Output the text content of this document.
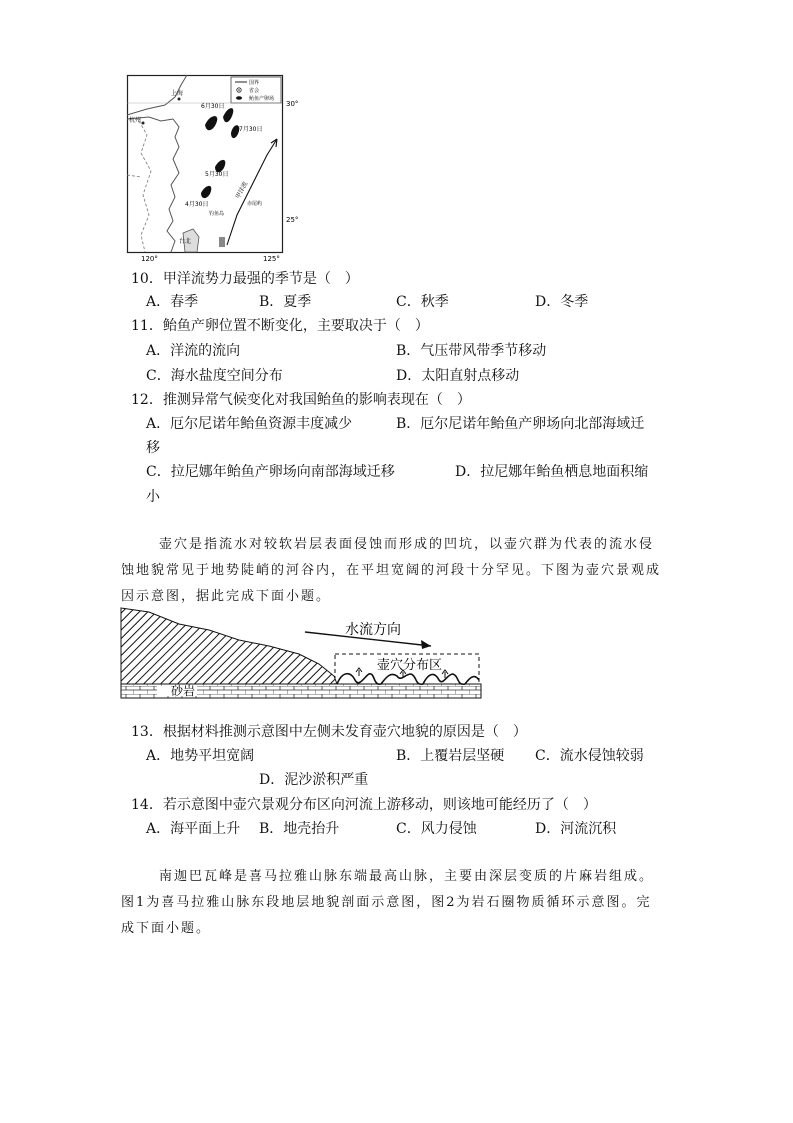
国界
省会
鲐鱼产卵场
30°
25°
120°	125°
上海
杭州
台北
6月30日
7月30日
5月30日
4月30日
甲洋流
钓鱼岛
赤尾屿
10．甲洋流势力最强的季节是（　）
A．春季	B．夏季	C．秋季	D．冬季
11．鲐鱼产卵位置不断变化，主要取决于（　）
A．洋流的流向	B．气压带风带季节移动
C．海水盐度空间分布	D．太阳直射点移动
12．推测异常气候变化对我国鲐鱼的影响表现在（　）
A．厄尔尼诺年鲐鱼资源丰度减少	B．厄尔尼诺年鲐鱼产卵场向北部海域迁
移
C．拉尼娜年鲐鱼产卵场向南部海域迁移	D．拉尼娜年鲐鱼栖息地面积缩
小
壶穴是指流水对较软岩层表面侵蚀而形成的凹坑，以壶穴群为代表的流水侵
蚀地貌常见于地势陡峭的河谷内，在平坦宽阔的河段十分罕见。下图为壶穴景观成
因示意图，据此完成下面小题。
砂岩
水流方向
壶穴分布区
13．根据材料推测示意图中左侧未发育壶穴地貌的原因是（　）
A．地势平坦宽阔	B．上覆岩层坚硬 C．流水侵蚀较弱
D．泥沙淤积严重
14．若示意图中壶穴景观分布区向河流上游移动，则该地可能经历了（　）
A．海平面上升 B．地壳抬升	C．风力侵蚀	D．河流沉积
南迦巴瓦峰是喜马拉雅山脉东端最高山脉，主要由深层变质的片麻岩组成。
图1为喜马拉雅山脉东段地层地貌剖面示意图，图2为岩石圈物质循环示意图。完
成下面小题。
